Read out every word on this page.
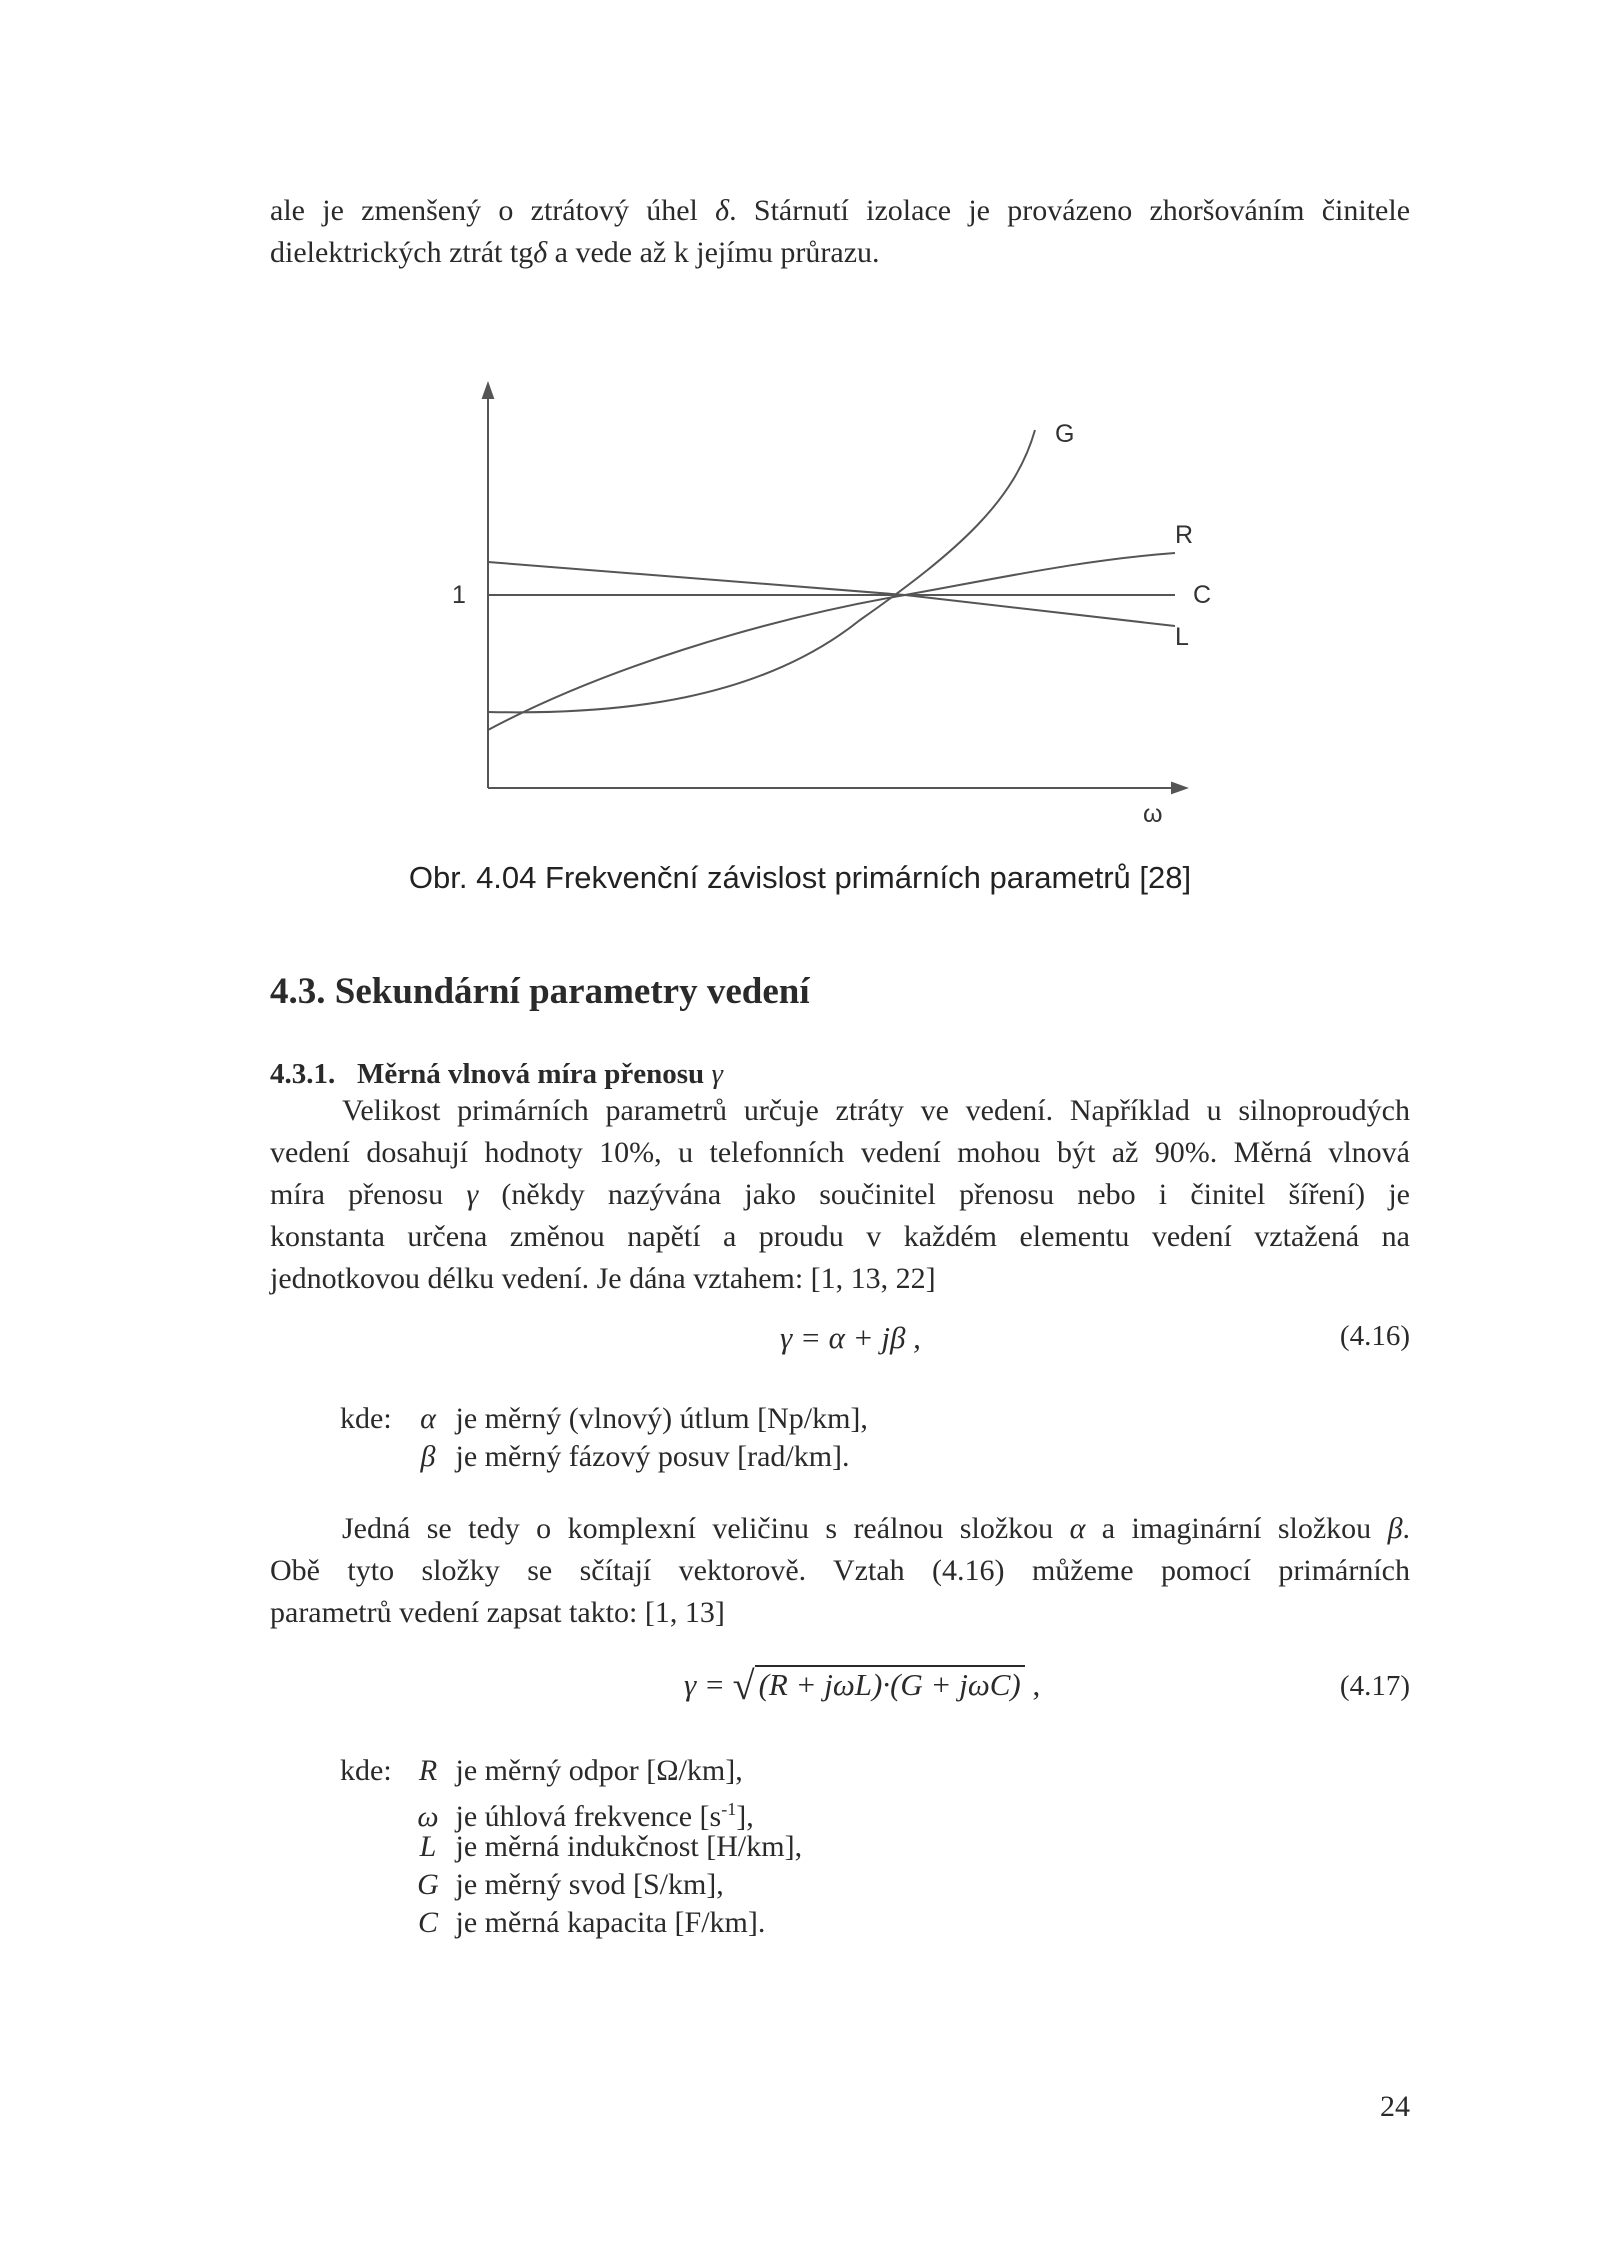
ale je zmenšený o ztrátový úhel δ. Stárnutí izolace je provázeno zhoršováním činitele

dielektrických ztrát tgδ a vede až k jejímu průrazu.

G
R
C
L
1
ω
Obr. 4.04 Frekvenční závislost primárních parametrů [28]
4.3. Sekundární parametry vedení
4.3.1. Měrná vlnová míra přenosu γ

Velikost primárních parametrů určuje ztráty ve vedení. Například u silnoproudých

vedení dosahují hodnoty 10%, u telefonních vedení mohou být až 90%. Měrná vlnová

míra přenosu γ (někdy nazývána jako součinitel přenosu nebo i činitel šíření) je

konstanta určena změnou napětí a proudu v každém elementu vedení vztažená na

jednotkovou délku vedení. Je dána vztahem: [1, 13, 22]

γ = α + jβ ,	(4.16)
kde: α je měrný (vlnový) útlum [Np/km],
β je měrný fázový posuv [rad/km].

Jedná se tedy o komplexní veličinu s reálnou složkou α a imaginární složkou β.

Obě tyto složky se sčítají vektorově. Vztah (4.16) můžeme pomocí primárních

parametrů vedení zapsat takto: [1, 13]

γ = √ (R + jωL)·(G + jωC) ,	(4.17)
kde: R je měrný odpor [Ω/km],
ω je úhlová frekvence $[s^{-1}]$,
L je měrná indukčnost [H/km],
G je měrný svod [S/km],
C je měrná kapacita [F/km].
24
